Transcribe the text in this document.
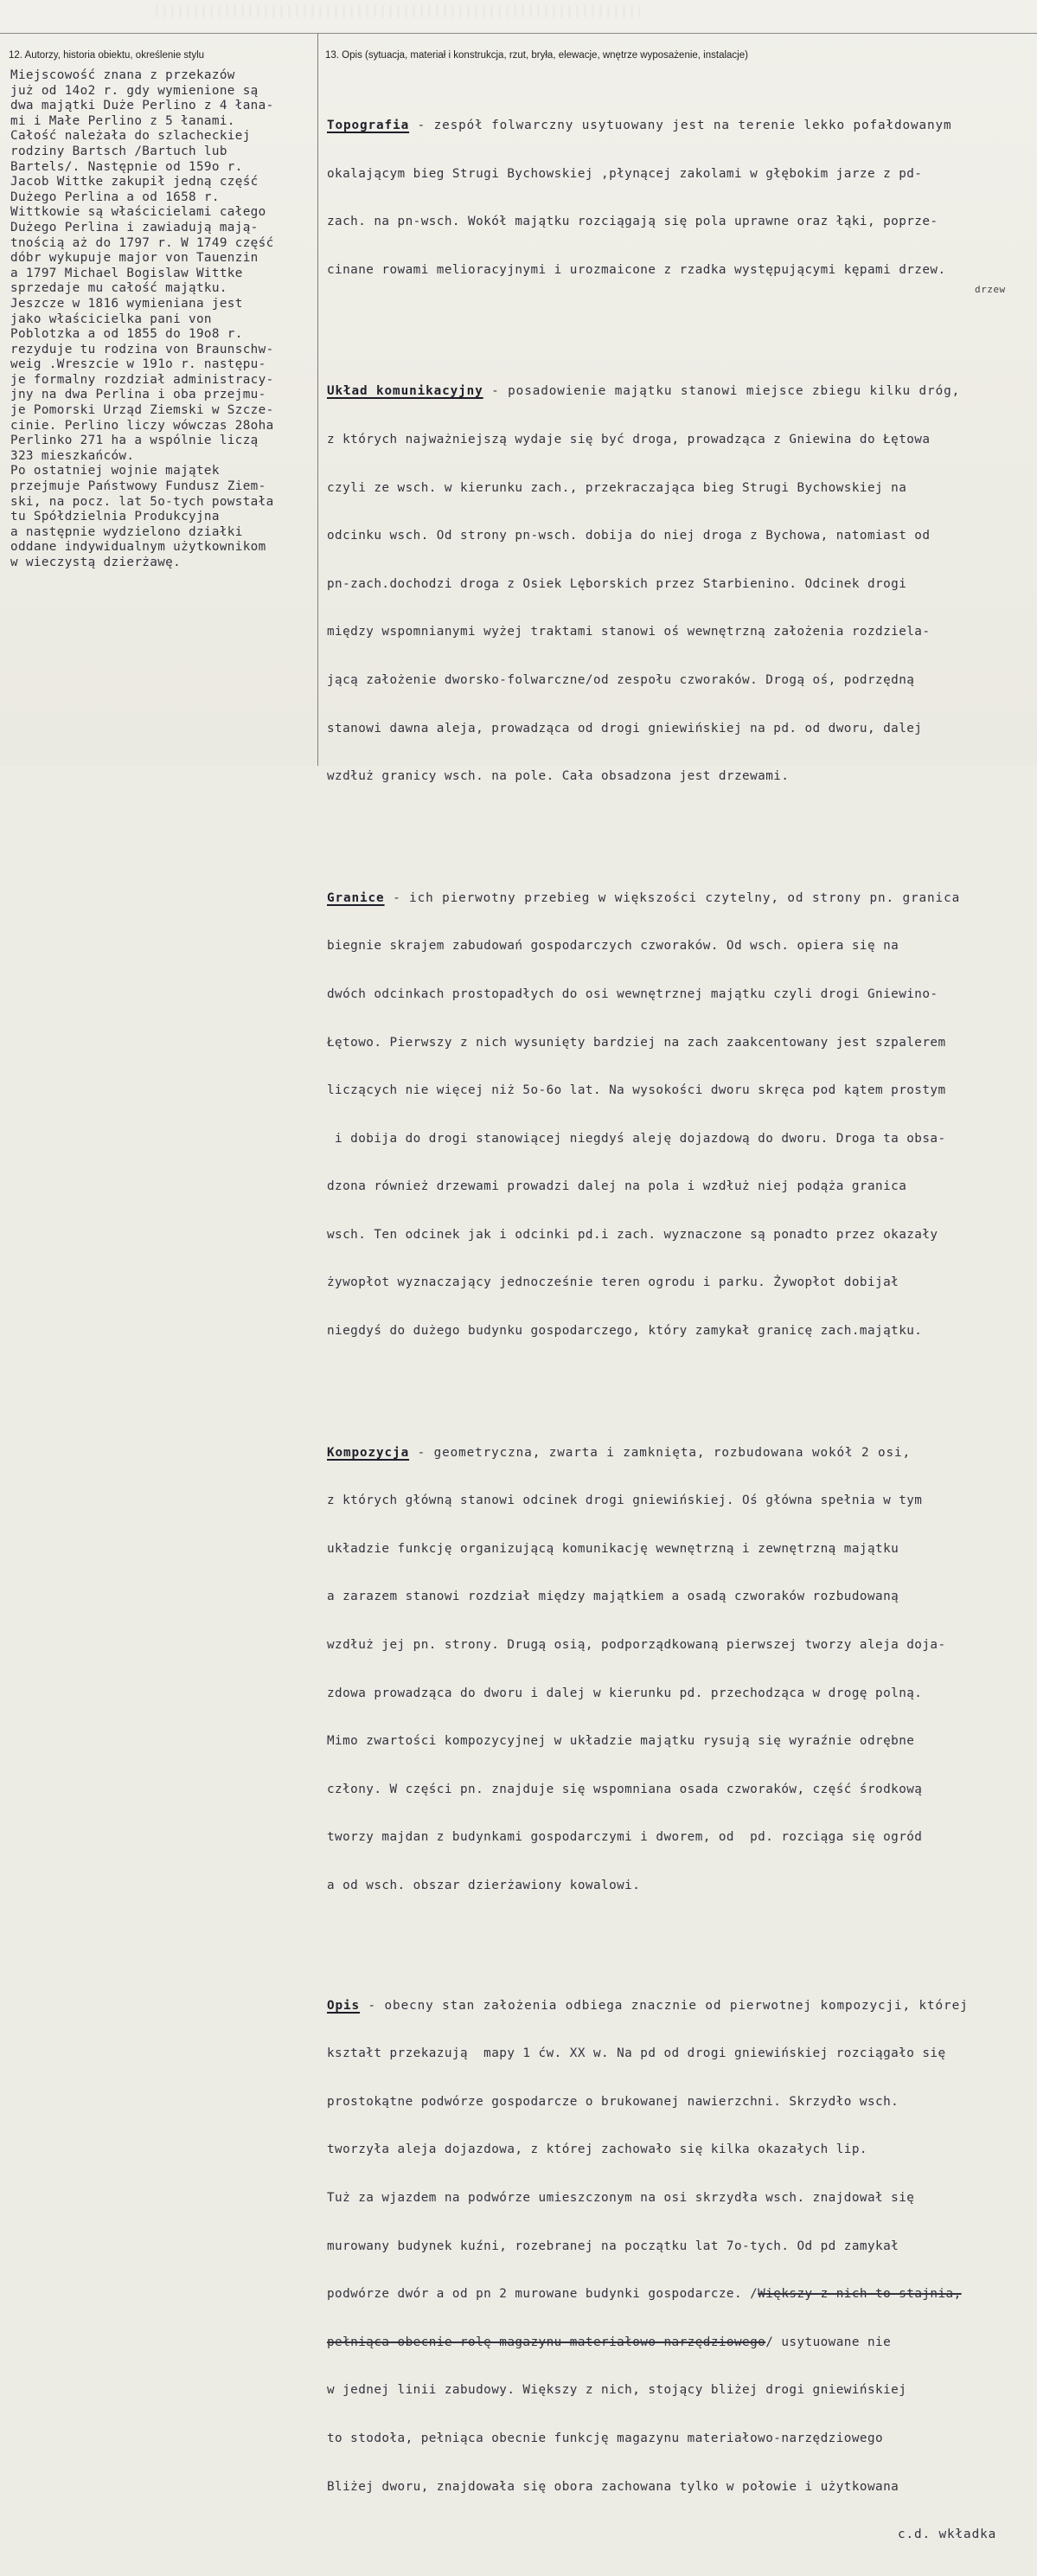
12. Autorzy, historia obiektu, określenie stylu	13. Opis (sytuacja, materiał i konstrukcja, rzut, bryła, elewacje, wnętrze wyposażenie, instalacje)
Miejscowość znana z przekazów
już od 14o2 r. gdy wymienione są
dwa majątki Duże Perlino z 4 łana-
mi i Małe Perlino z 5 łanami.
Całość należała do szlacheckiej
rodziny Bartsch /Bartuch lub
Bartels/. Następnie od 159o r.
Jacob Wittke zakupił jedną część
Dużego Perlina a od 1658 r.
Wittkowie są właścicielami całego
Dużego Perlina i zawiadują mają-
tnością aż do 1797 r. W 1749 część
dóbr wykupuje major von Tauenzin
a 1797 Michael Bogislaw Wittke
sprzedaje mu całość majątku.
Jeszcze w 1816 wymieniana jest
jako właścicielka pani von
Poblotzka a od 1855 do 19o8 r.
rezyduje tu rodzina von Braunschw-
weig .Wreszcie w 191o r. następu-
je formalny rozdział administracy-
jny na dwa Perlina i oba przejmu-
je Pomorski Urząd Ziemski w Szcze-
cinie. Perlino liczy wówczas 28oha
Perlinko 271 ha a wspólnie liczą
323 mieszkańców.
Po ostatniej wojnie majątek
przejmuje Państwowy Fundusz Ziem-
ski, na pocz. lat 5o-tych powstała
tu Spółdzielnia Produkcyjna
a następnie wydzielono działki
oddane indywidualnym użytkownikom
w wieczystą dzierżawę.

Topografia - zespół folwarczny usytuowany jest na terenie lekko pofałdowanym

okalającym bieg Strugi Bychowskiej ,płynącej zakolami w głębokim jarze z pd-

zach. na pn-wsch. Wokół majątku rozciągają się pola uprawne oraz łąki, poprze-

cinane rowami melioracyjnymi i urozmaicone z rzadka występującymi kępami drzew.

Układ komunikacyjny - posadowienie majątku stanowi miejsce zbiegu kilku dróg,

z których najważniejszą wydaje się być droga, prowadząca z Gniewina do Łętowa

czyli ze wsch. w kierunku zach., przekraczająca bieg Strugi Bychowskiej na

odcinku wsch. Od strony pn-wsch. dobija do niej droga z Bychowa, natomiast od

pn-zach.dochodzi droga z Osiek Lęborskich przez Starbienino. Odcinek drogi

między wspomnianymi wyżej traktami stanowi oś wewnętrzną założenia rozdziela-

jącą założenie dworsko-folwarczne/od zespołu czworaków. Drogą oś, podrzędną

stanowi dawna aleja, prowadząca od drogi gniewińskiej na pd. od dworu, dalej

wzdłuż granicy wsch. na pole. Cała obsadzona jest drzewami.

Granice - ich pierwotny przebieg w większości czytelny, od strony pn. granica

biegnie skrajem zabudowań gospodarczych czworaków. Od wsch. opiera się na

dwóch odcinkach prostopadłych do osi wewnętrznej majątku czyli drogi Gniewino-

Łętowo. Pierwszy z nich wysunięty bardziej na zach zaakcentowany jest szpalerem

liczących nie więcej niż 5o-6o lat. Na wysokości dworu skręca pod kątem prostym

i dobija do drogi stanowiącej niegdyś aleję dojazdową do dworu. Droga ta obsa-

dzona również drzewami prowadzi dalej na pola i wzdłuż niej podąża granica

wsch. Ten odcinek jak i odcinki pd.i zach. wyznaczone są ponadto przez okazały

żywopłot wyznaczający jednocześnie teren ogrodu i parku. Żywopłot dobijał

niegdyś do dużego budynku gospodarczego, który zamykał granicę zach.majątku.

Kompozycja - geometryczna, zwarta i zamknięta, rozbudowana wokół 2 osi,

z których główną stanowi odcinek drogi gniewińskiej. Oś główna spełnia w tym

układzie funkcję organizującą komunikację wewnętrzną i zewnętrzną majątku

a zarazem stanowi rozdział między majątkiem a osadą czworaków rozbudowaną

wzdłuż jej pn. strony. Drugą osią, podporządkowaną pierwszej tworzy aleja doja-

zdowa prowadząca do dworu i dalej w kierunku pd. przechodząca w drogę polną.

Mimo zwartości kompozycyjnej w układzie majątku rysują się wyraźnie odrębne

człony. W części pn. znajduje się wspomniana osada czworaków, część środkową

tworzy majdan z budynkami gospodarczymi i dworem, od  pd. rozciąga się ogród

a od wsch. obszar dzierżawiony kowalowi.

Opis - obecny stan założenia odbiega znacznie od pierwotnej kompozycji, której

kształt przekazują  mapy 1 ćw. XX w. Na pd od drogi gniewińskiej rozciągało się

prostokątne podwórze gospodarcze o brukowanej nawierzchni. Skrzydło wsch.

tworzyła aleja dojazdowa, z której zachowało się kilka okazałych lip.

Tuż za wjazdem na podwórze umieszczonym na osi skrzydła wsch. znajdował się

murowany budynek kuźni, rozebranej na początku lat 7o-tych. Od pd zamykał

podwórze dwór a od pn 2 murowane budynki gospodarcze. /Większy z nich to stajnia,

pełniąca obecnie rolę magazynu materiałowo-narzędziowego/ usytuowane nie

w jednej linii zabudowy. Większy z nich, stojący bliżej drogi gniewińskiej

to stodoła, pełniąca obecnie funkcję magazynu materiałowo-narzędziowego

Bliżej dworu, znajdowała się obora zachowana tylko w połowie i użytkowana

c.d. wkładka

drzew
